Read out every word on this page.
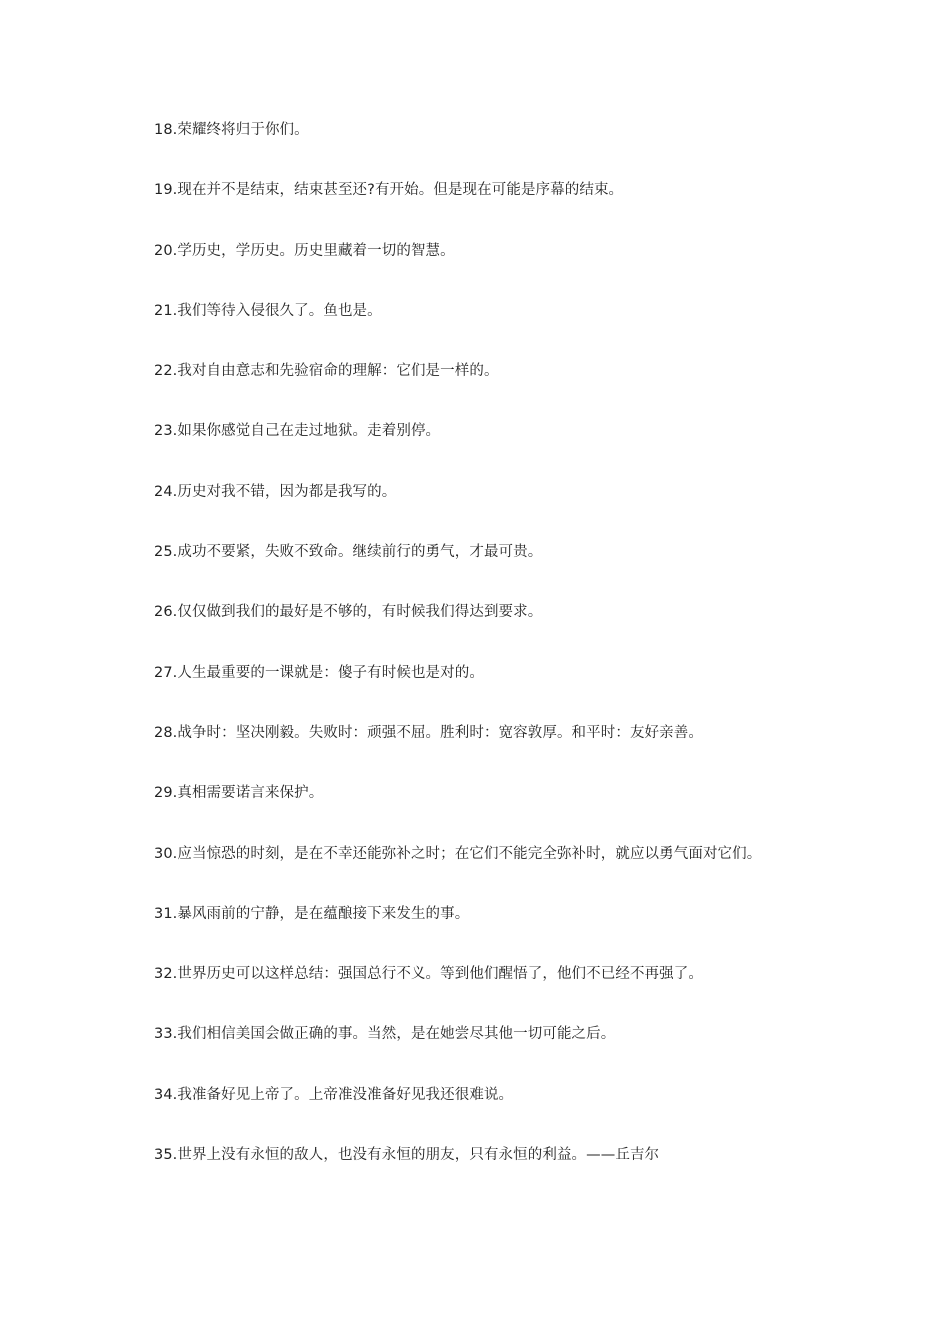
18.荣耀终将归于你们。
19.现在并不是结束，结束甚至还?有开始。但是现在可能是序幕的结束。
20.学历史，学历史。历史里藏着一切的智慧。
21.我们等待入侵很久了。鱼也是。
22.我对自由意志和先验宿命的理解：它们是一样的。
23.如果你感觉自己在走过地狱。走着别停。
24.历史对我不错，因为都是我写的。
25.成功不要紧，失败不致命。继续前行的勇气，才最可贵。
26.仅仅做到我们的最好是不够的，有时候我们得达到要求。
27.人生最重要的一课就是：傻子有时候也是对的。
28.战争时：坚决刚毅。失败时：顽强不屈。胜利时：宽容敦厚。和平时：友好亲善。
29.真相需要诺言来保护。
30.应当惊恐的时刻，是在不幸还能弥补之时；在它们不能完全弥补时，就应以勇气面对它们。
31.暴风雨前的宁静，是在蕴酿接下来发生的事。
32.世界历史可以这样总结：强国总行不义。等到他们醒悟了，他们不已经不再强了。
33.我们相信美国会做正确的事。当然，是在她尝尽其他一切可能之后。
34.我准备好见上帝了。上帝准没准备好见我还很难说。
35.世界上没有永恒的敌人，也没有永恒的朋友，只有永恒的利益。——丘吉尔
